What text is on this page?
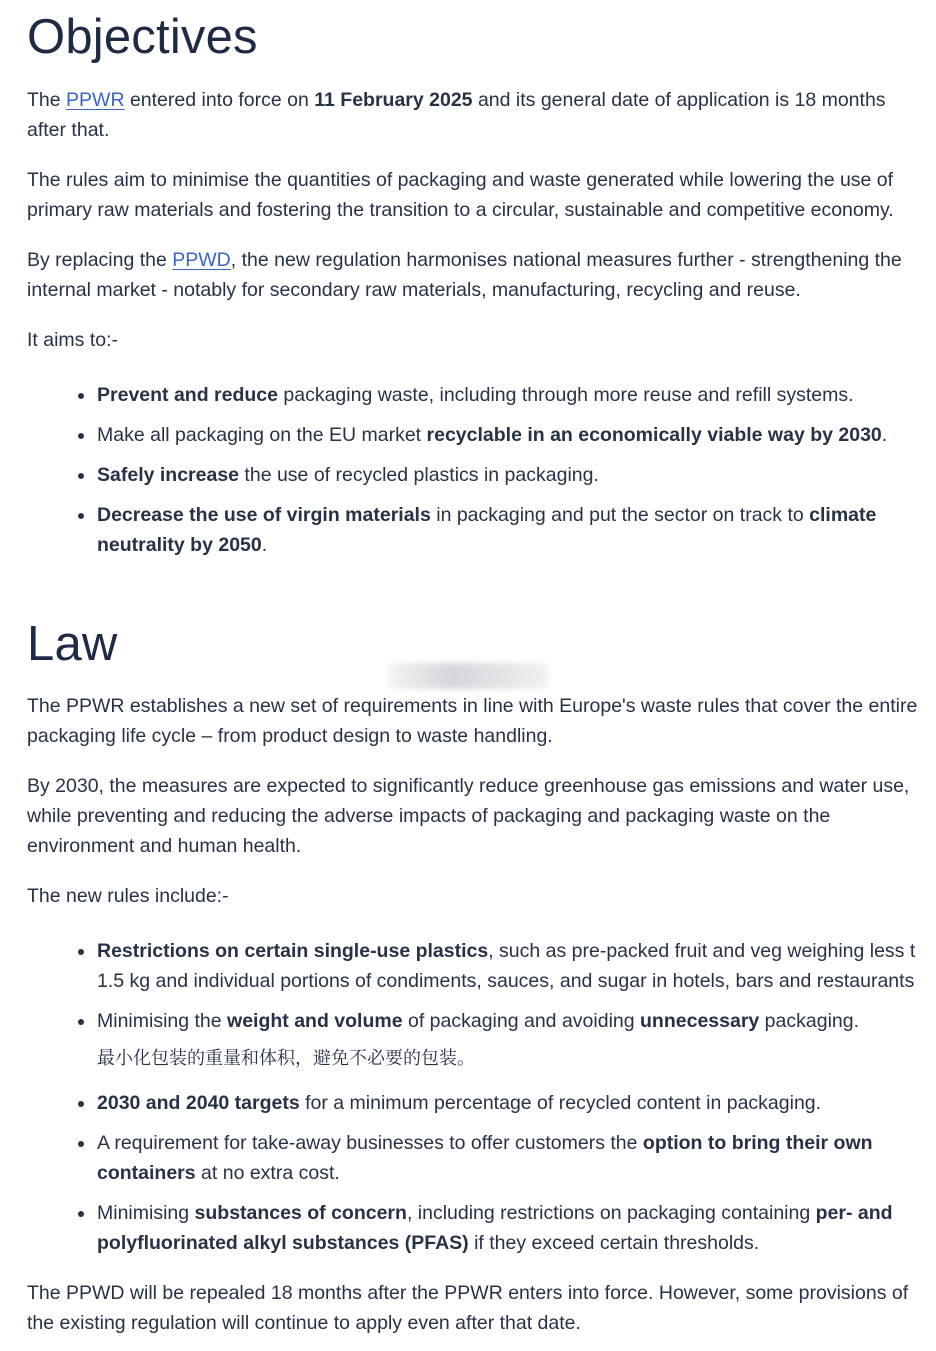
Objectives

The PPWR entered into force on 11 February 2025 and its general date of application is 18 months after that.

The rules aim to minimise the quantities of packaging and waste generated while lowering the use of primary raw materials and fostering the transition to a circular, sustainable and competitive economy.

By replacing the PPWD, the new regulation harmonises national measures further - strengthening the internal market - notably for secondary raw materials, manufacturing, recycling and reuse.

It aims to:-

Prevent and reduce packaging waste, including through more reuse and refill systems.
Make all packaging on the EU market recyclable in an economically viable way by 2030.
Safely increase the use of recycled plastics in packaging.
Decrease the use of virgin materials in packaging and put the sector on track to climate neutrality by 2050.
Law

The PPWR establishes a new set of requirements in line with Europe's waste rules that cover the entire packaging life cycle – from product design to waste handling.

By 2030, the measures are expected to significantly reduce greenhouse gas emissions and water use, while preventing and reducing the adverse impacts of packaging and packaging waste on the environment and human health.

The new rules include:-

Restrictions on certain single-use plastics, such as pre-packed fruit and veg weighing less t
1.5 kg and individual portions of condiments, sauces, and sugar in hotels, bars and restaurants
Minimising the weight and volume of packaging and avoiding unnecessary packaging.
最小化包装的重量和体积，避免不必要的包装。
2030 and 2040 targets for a minimum percentage of recycled content in packaging.
A requirement for take-away businesses to offer customers the option to bring their own containers at no extra cost.
Minimising substances of concern, including restrictions on packaging containing per- and polyfluorinated alkyl substances (PFAS) if they exceed certain thresholds.

The PPWD will be repealed 18 months after the PPWR enters into force. However, some provisions of the existing regulation will continue to apply even after that date.
